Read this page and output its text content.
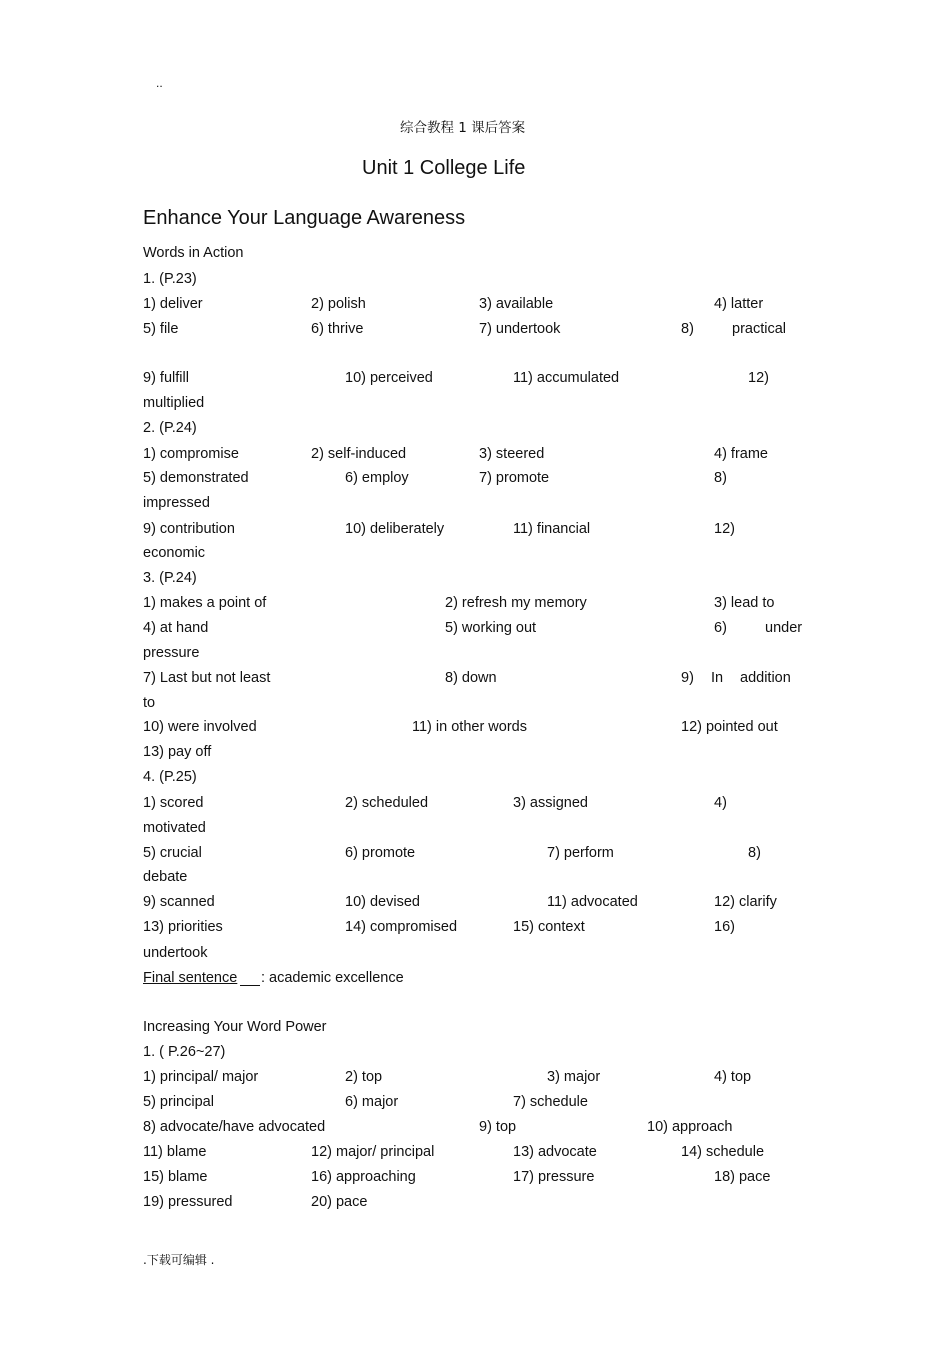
..
综合教程 1 课后答案
Unit 1 College Life
Enhance Your Language Awareness
Words in Action
1. (P.23)
1) deliver	2) polish	3) available	4) latter
5) file	6) thrive	7) undertook	8)	practical
9) fulfill	10) perceived	11) accumulated	12)
multiplied
2. (P.24)
1) compromise	2) self-induced	3) steered	4) frame
5) demonstrated	6) employ	7) promote	8)
impressed
9) contribution	10) deliberately	11) financial	12)
economic
3. (P.24)
1) makes a point of	2) refresh my memory	3) lead to
4) at hand	5) working out	6)	under
pressure
7) Last but not least	8) down	9) In addition
to
10) were involved	11) in other words	12) pointed out
13) pay off
4. (P.25)
1) scored	2) scheduled	3) assigned	4)
motivated
5) crucial	6) promote	7) perform	8)
debate
9) scanned	10) devised	11) advocated	12) clarify
13) priorities	14) compromised	15) context	16)
undertook
Final sentence : academic excellence
Increasing Your Word Power
1. ( P.26~27)
1) principal/ major	2) top	3) major	4) top
5) principal	6) major	7) schedule
8) advocate/have advocated	9) top	10) approach
11) blame	12) major/ principal	13) advocate	14) schedule
15) blame	16) approaching	17) pressure	18) pace
19) pressured	20) pace
.下载可编辑 .
